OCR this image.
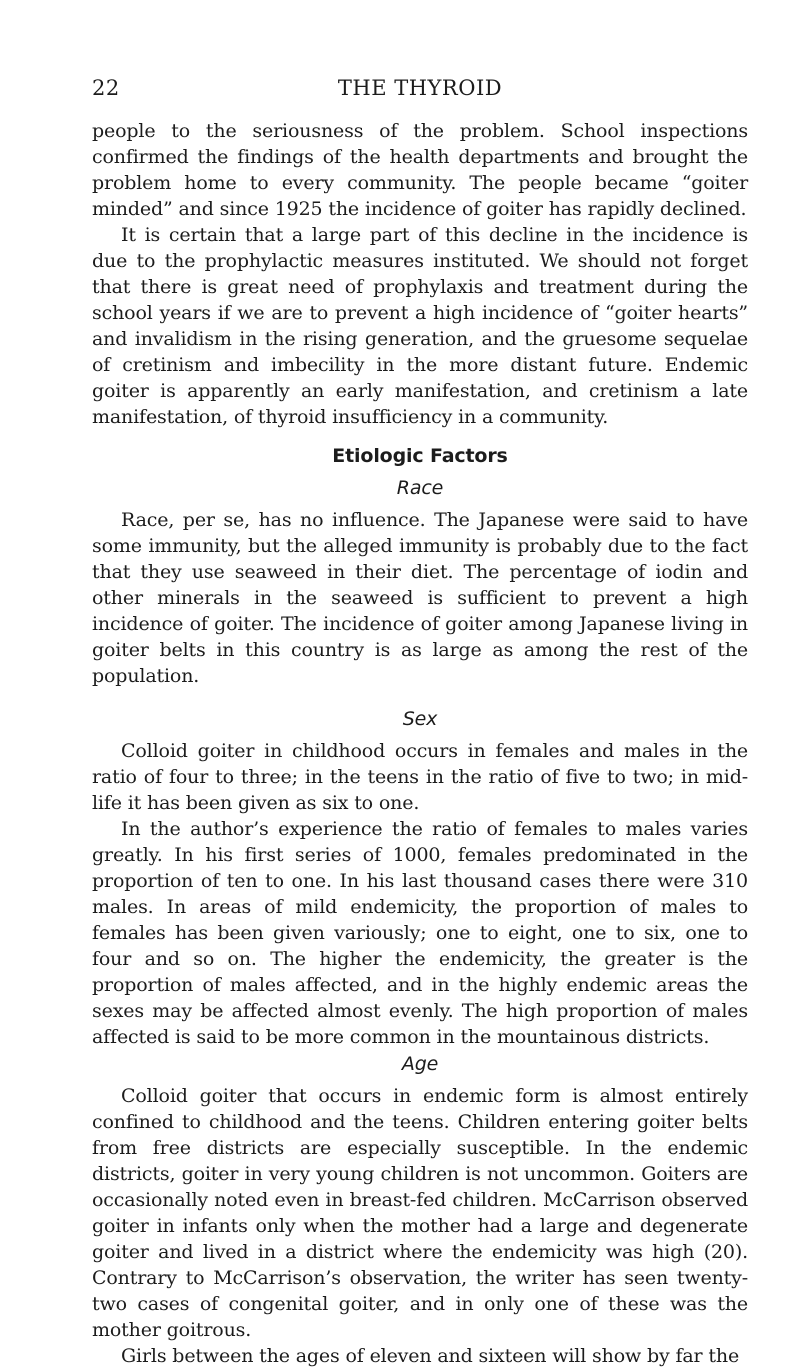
22	THE THYROID

people to the seriousness of the problem. School inspections confirmed the findings of the health departments and brought the problem home to every community. The people became “goiter minded” and since 1925 the incidence of goiter has rapidly declined.

It is certain that a large part of this decline in the incidence is due to the prophylactic measures instituted. We should not forget that there is great need of prophylaxis and treatment during the school years if we are to prevent a high incidence of “goiter hearts” and invalidism in the rising generation, and the gruesome sequelae of cretinism and imbecility in the more distant future. Endemic goiter is apparently an early manifestation, and cretinism a late manifestation, of thyroid insufficiency in a community.

Etiologic Factors
Race

Race, per se, has no influence. The Japanese were said to have some immunity, but the alleged immunity is probably due to the fact that they use seaweed in their diet. The percentage of iodin and other minerals in the seaweed is sufficient to prevent a high incidence of goiter. The incidence of goiter among Japanese living in goiter belts in this country is as large as among the rest of the population.

Sex

Colloid goiter in childhood occurs in females and males in the ratio of four to three; in the teens in the ratio of five to two; in mid-life it has been given as six to one.

In the author’s experience the ratio of females to males varies greatly. In his first series of 1000, females predominated in the proportion of ten to one. In his last thousand cases there were 310 males. In areas of mild endemicity, the proportion of males to females has been given variously; one to eight, one to six, one to four and so on. The higher the endemicity, the greater is the proportion of males affected, and in the highly endemic areas the sexes may be affected almost evenly. The high proportion of males affected is said to be more common in the mountainous districts.

Age

Colloid goiter that occurs in endemic form is almost entirely confined to childhood and the teens. Children entering goiter belts from free districts are especially susceptible. In the endemic districts, goiter in very young children is not uncommon. Goiters are occasionally noted even in breast-fed children. McCarrison observed goiter in infants only when the mother had a large and degenerate goiter and lived in a district where the endemicity was high (20). Contrary to McCarrison’s observation, the writer has seen twenty-two cases of congenital goiter, and in only one of these was the mother goitrous.

Girls between the ages of eleven and sixteen will show by far the
